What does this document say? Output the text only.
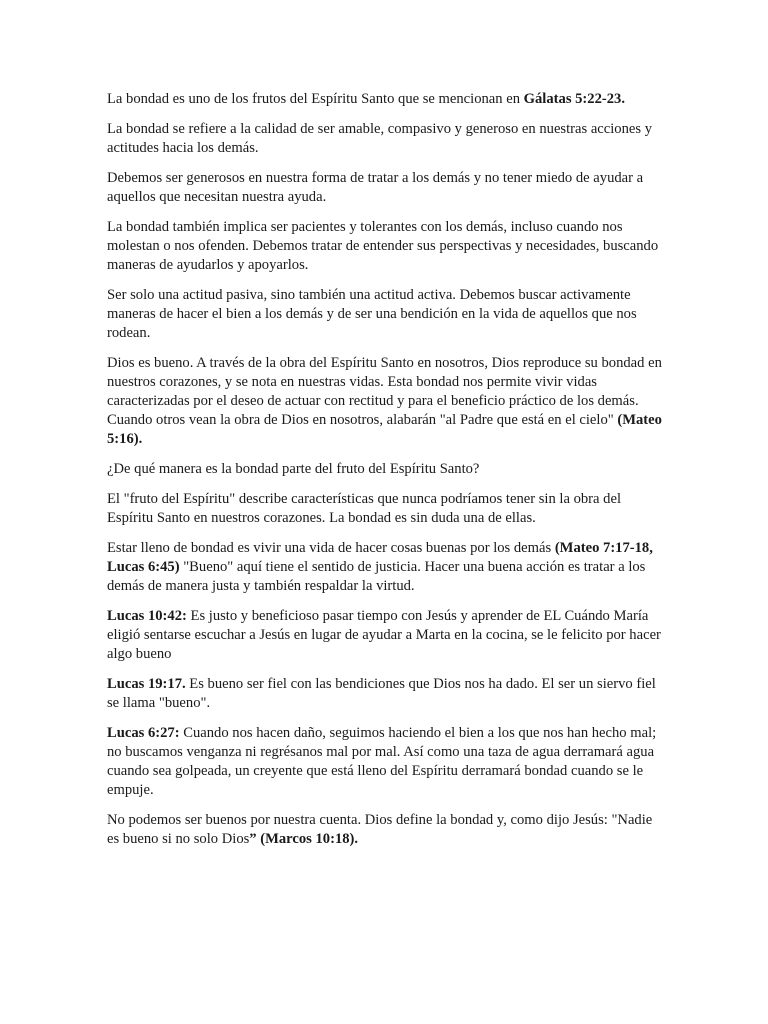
La bondad es uno de los frutos del Espíritu Santo que se mencionan en Gálatas 5:22-23.

La bondad se refiere a la calidad de ser amable, compasivo y generoso en nuestras acciones y actitudes hacia los demás.

Debemos ser generosos en nuestra forma de tratar a los demás y no tener miedo de ayudar a aquellos que necesitan nuestra ayuda.

La bondad también implica ser pacientes y tolerantes con los demás, incluso cuando nos molestan o nos ofenden. Debemos tratar de entender sus perspectivas y necesidades, buscando maneras de ayudarlos y apoyarlos.

Ser solo una actitud pasiva, sino también una actitud activa. Debemos buscar activamente maneras de hacer el bien a los demás y de ser una bendición en la vida de aquellos que nos rodean.

Dios es bueno. A través de la obra del Espíritu Santo en nosotros, Dios reproduce su bondad en nuestros corazones, y se nota en nuestras vidas. Esta bondad nos permite vivir vidas caracterizadas por el deseo de actuar con rectitud y para el beneficio práctico de los demás. Cuando otros vean la obra de Dios en nosotros, alabarán "al Padre que está en el cielo" (Mateo 5:16).

¿De qué manera es la bondad parte del fruto del Espíritu Santo?

El "fruto del Espíritu" describe características que nunca podríamos tener sin la obra del Espíritu Santo en nuestros corazones. La bondad es sin duda una de ellas.

Estar lleno de bondad es vivir una vida de hacer cosas buenas por los demás (Mateo 7:17-18, Lucas 6:45) "Bueno" aquí tiene el sentido de justicia. Hacer una buena acción es tratar a los demás de manera justa y también respaldar la virtud.

Lucas 10:42: Es justo y beneficioso pasar tiempo con Jesús y aprender de EL Cuándo María eligió sentarse escuchar a Jesús en lugar de ayudar a Marta en la cocina, se le felicito por hacer algo bueno

Lucas 19:17. Es bueno ser fiel con las bendiciones que Dios nos ha dado. El ser un siervo fiel se llama "bueno".

Lucas 6:27: Cuando nos hacen daño, seguimos haciendo el bien a los que nos han hecho mal; no buscamos venganza ni regrésanos mal por mal. Así como una taza de agua derramará agua cuando sea golpeada, un creyente que está lleno del Espíritu derramará bondad cuando se le empuje.

No podemos ser buenos por nuestra cuenta. Dios define la bondad y, como dijo Jesús: "Nadie es bueno si no solo Dios” (Marcos 10:18).
